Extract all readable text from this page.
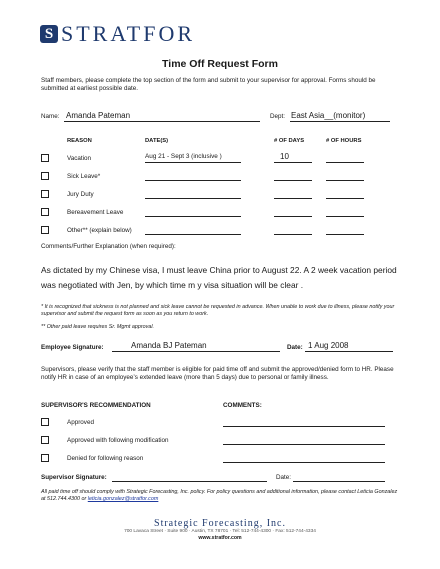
S STRATFOR
Time Off Request Form
Staff members, please complete the top section of the form and submit to your supervisor for approval. Forms should be submitted at earliest possible date.
Name: Amanda Pateman	Dept: East Asia__(monitor)
REASON	DATE(S)	# OF DAYS	# OF HOURS
Vacation	Aug 21 - Sept 3 (inclusive )	10
Sick Leave*
Jury Duty
Bereavement Leave
Other** (explain below)
Comments/Further Explanation (when required):
As dictated by my Chinese visa, I must leave China prior to August 22. A 2 week vacation period was negotiated with Jen, by which time m y visa situation will be clear .
* It is recognized that sickness is not planned and sick leave cannot be requested in advance. When unable to work due to illness, please notify your supervisor and submit the request form as soon as you return to work.
** Other paid leave requires Sr. Mgmt approval.
Employee Signature:	Amanda BJ Pateman	Date: 1 Aug 2008
Supervisors, please verify that the staff member is eligible for paid time off and submit the approved/denied form to HR. Please notify HR in case of an employee’s extended leave (more than 5 days) due to personal or family illness.
SUPERVISOR'S RECOMMENDATION	COMMENTS:
Approved
Approved with following modification
Denied for following reason
Supervisor Signature:	Date:
All paid time off should comply with Strategic Forecasting, Inc. policy. For policy questions and additional information, please contact Leticia Gonzalez at 512.744.4300 or leticia.gonzalez@stratfor.com
Strategic Forecasting, Inc.
700 Lavaca Street · Suite 900 · Austin, TX 78701 · Tel: 512-744-4300 · Fax: 512-744-4334
www.stratfor.com
